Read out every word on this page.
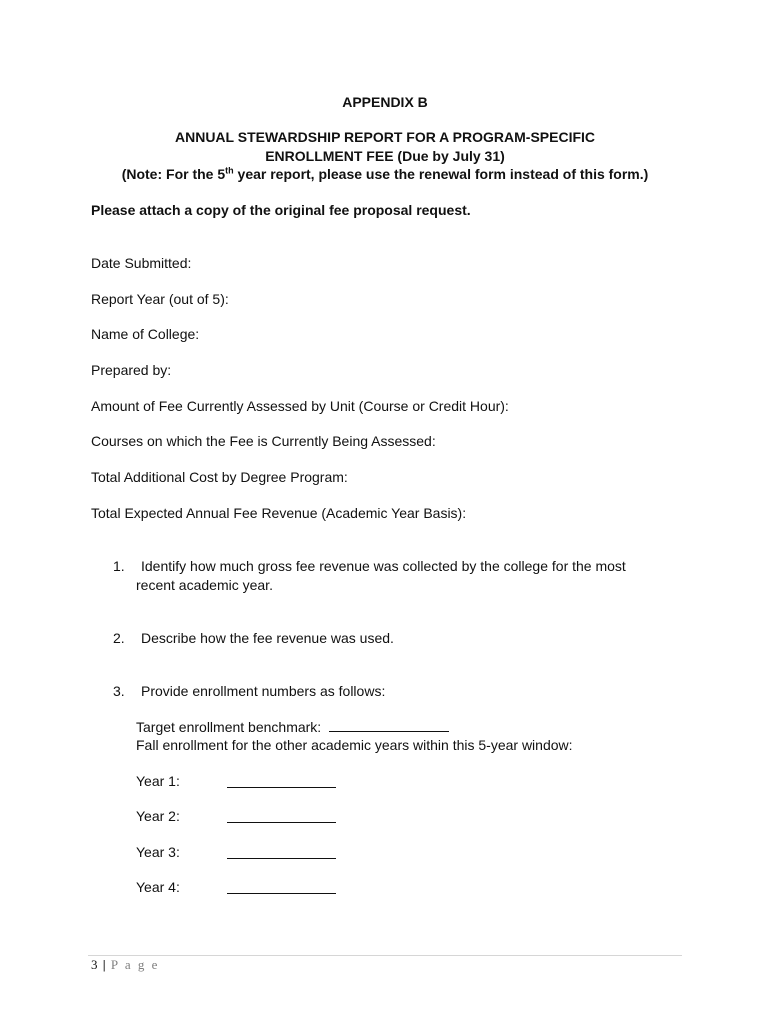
APPENDIX B
ANNUAL STEWARDSHIP REPORT FOR A PROGRAM-SPECIFIC
ENROLLMENT FEE (Due by July 31)
(Note: For the 5th year report, please use the renewal form instead of this form.)
Please attach a copy of the original fee proposal request.
Date Submitted:
Report Year (out of 5):
Name of College:
Prepared by:
Amount of Fee Currently Assessed by Unit (Course or Credit Hour):
Courses on which the Fee is Currently Being Assessed:
Total Additional Cost by Degree Program:
Total Expected Annual Fee Revenue (Academic Year Basis):
1. Identify how much gross fee revenue was collected by the college for the most
recent academic year.
2. Describe how the fee revenue was used.
3. Provide enrollment numbers as follows:
Target enrollment benchmark:
Fall enrollment for the other academic years within this 5-year window:
Year 1:
Year 2:
Year 3:
Year 4:
3 | P a g e
